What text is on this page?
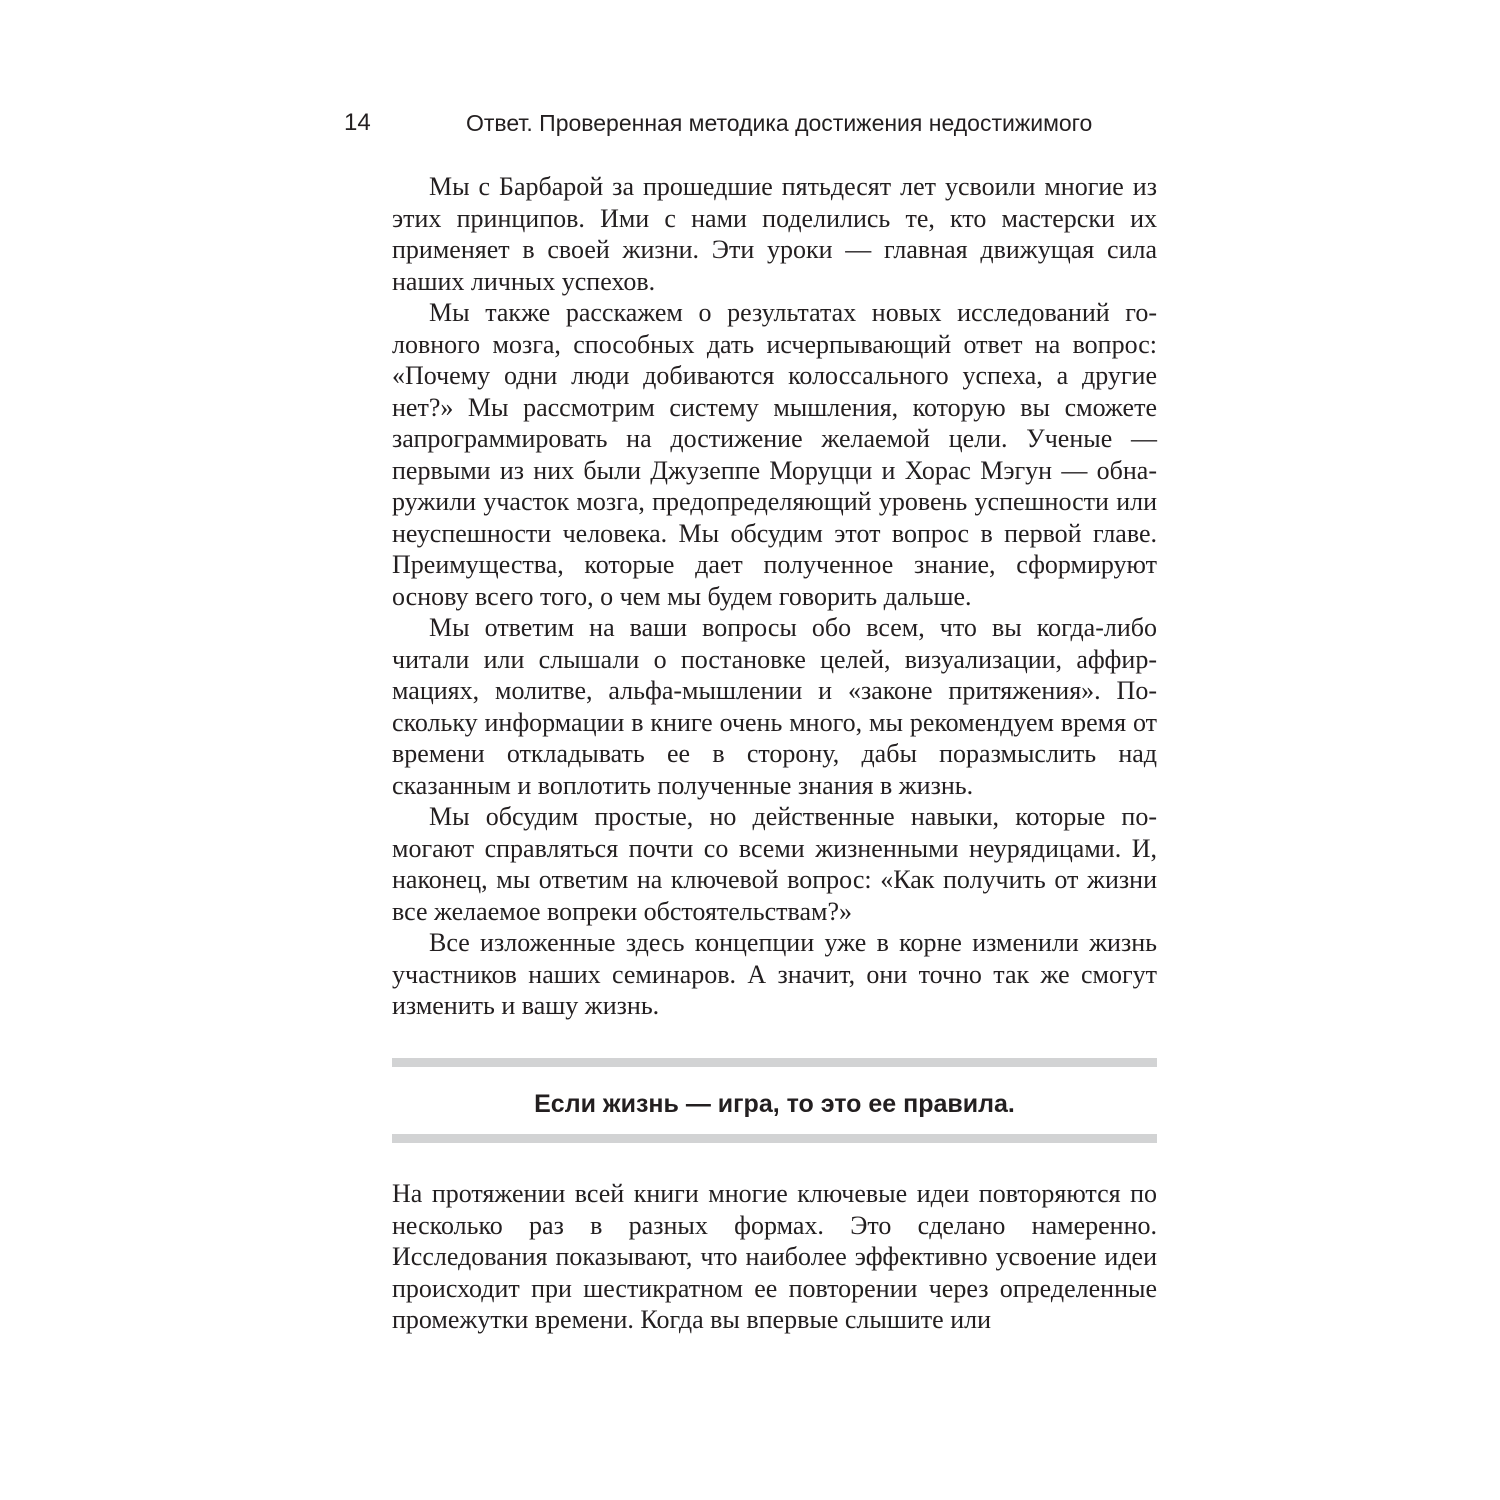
14	Ответ. Проверенная методика достижения недостижимого

Мы с Барбарой за прошедшие пятьдесят лет усвоили многие из этих принципов. Ими с нами поделились те, кто мастерски их применяет в своей жизни. Эти уроки — главная движущая сила наших личных успехов.

Мы также расскажем о результатах новых исследований головного мозга, способных дать исчерпывающий ответ на вопрос: «Почему одни люди добиваются колоссального успеха, а другие нет?» Мы рассмотрим систему мышления, которую вы сможете запрограммировать на достижение желаемой цели. Ученые — первыми из них были Джузеппе Моруцци и Хорас Мэгун — обнаружили участок мозга, предопределяющий уровень успешности или неуспешности человека. Мы обсудим этот вопрос в первой главе. Преимущества, которые дает полученное знание, сформируют основу всего того, о чем мы будем говорить дальше.

Мы ответим на ваши вопросы обо всем, что вы когда-либо читали или слышали о постановке целей, визуализации, аффирмациях, молитве, альфа-мышлении и «законе притяжения». Поскольку информации в книге очень много, мы рекомендуем время от времени откладывать ее в сторону, дабы поразмыслить над сказанным и воплотить полученные знания в жизнь.

Мы обсудим простые, но действенные навыки, которые помогают справляться почти со всеми жизненными неурядицами. И, наконец, мы ответим на ключевой вопрос: «Как получить от жизни все желаемое вопреки обстоятельствам?»

Все изложенные здесь концепции уже в корне изменили жизнь участников наших семинаров. А значит, они точно так же смогут изменить и вашу жизнь.

Если жизнь — игра, то это ее правила.

На протяжении всей книги многие ключевые идеи повторяются по несколько раз в разных формах. Это сделано намеренно. Исследования показывают, что наиболее эффективно усвоение идеи происходит при шестикратном ее повторении через определенные промежутки времени. Когда вы впервые слышите или
